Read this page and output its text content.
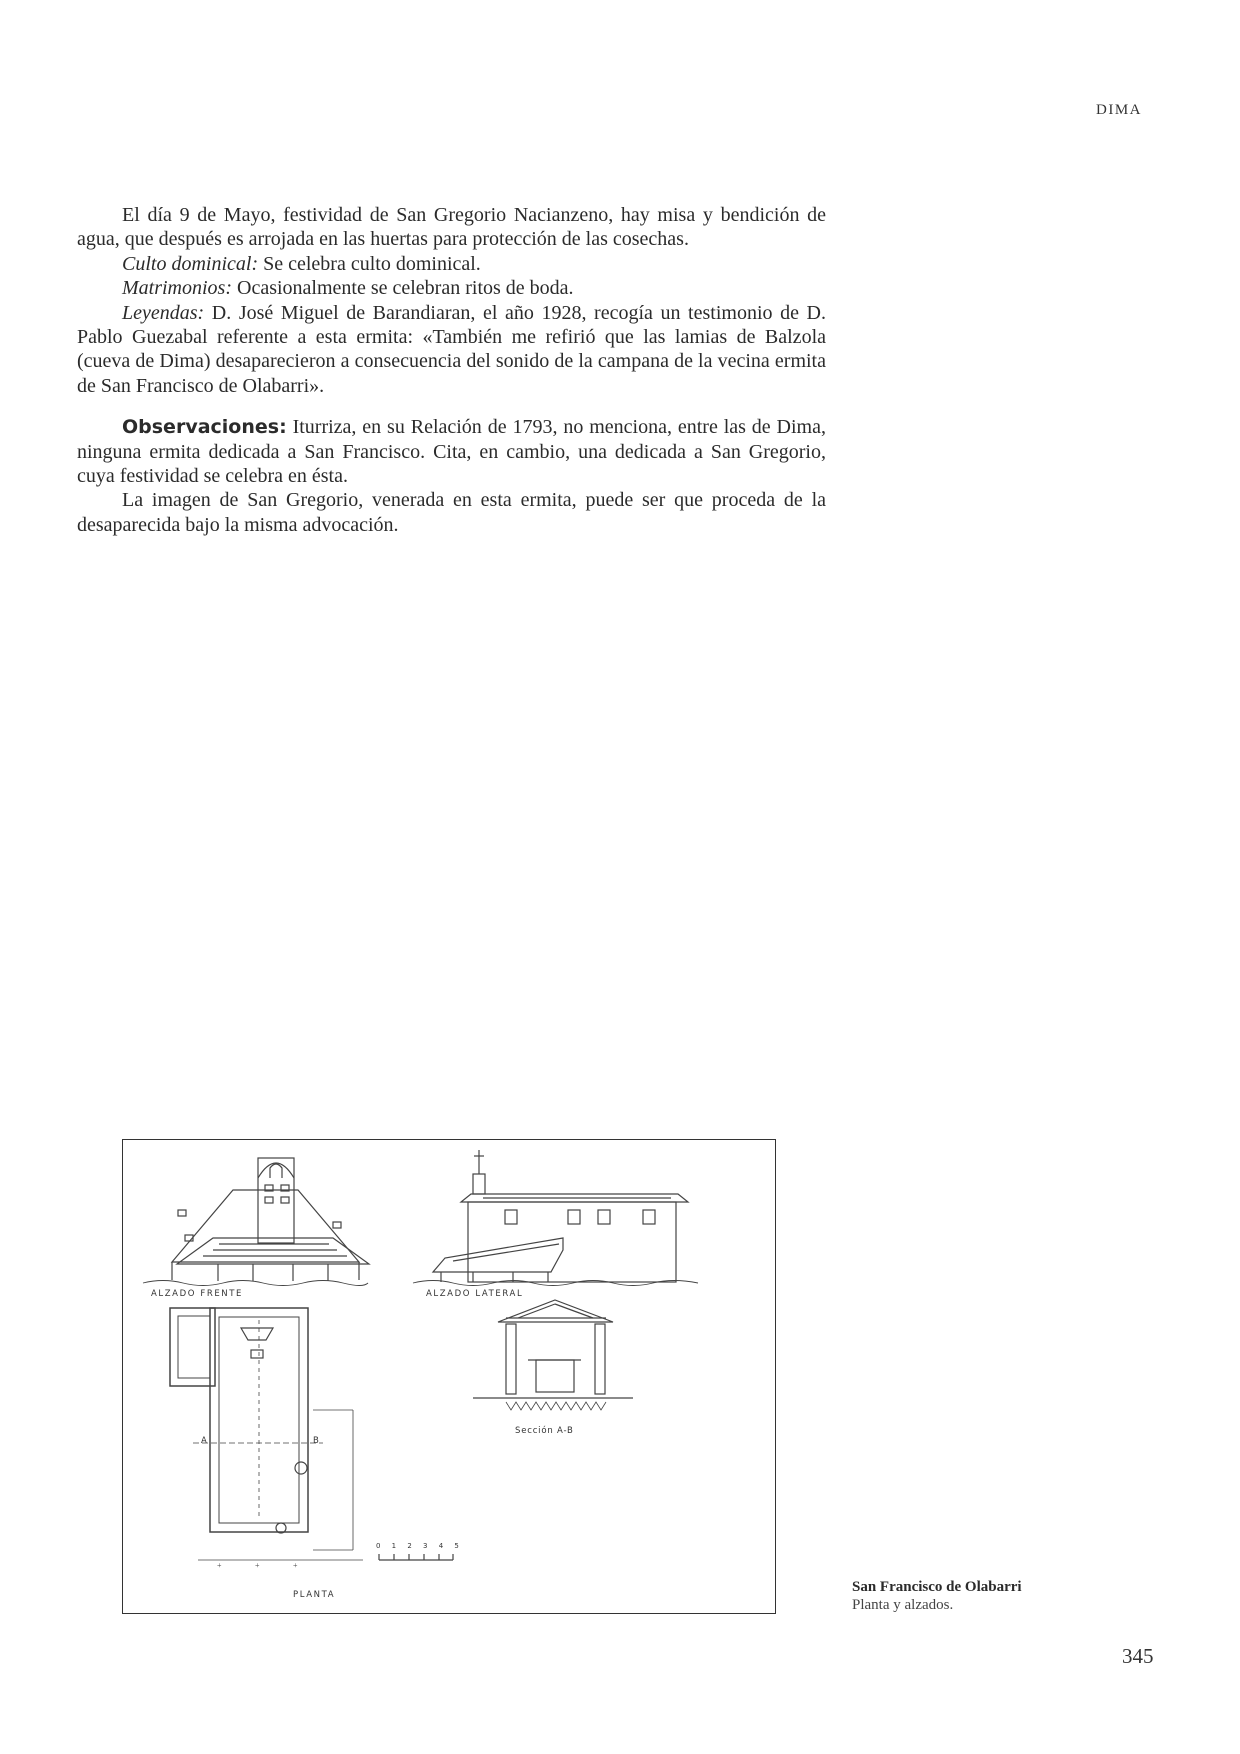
DIMA

El día 9 de Mayo, festividad de San Gregorio Nacianzeno, hay misa y bendición de agua, que después es arrojada en las huertas para protección de las cosechas.

Culto dominical: Se celebra culto dominical.

Matrimonios: Ocasionalmente se celebran ritos de boda.

Leyendas: D. José Miguel de Barandiaran, el año 1928, recogía un testimonio de D. Pablo Guezabal referente a esta ermita: «También me refirió que las lamias de Balzola (cueva de Dima) desaparecieron a consecuencia del sonido de la campana de la vecina ermita de San Francisco de Olabarri».

Observaciones: Iturriza, en su Relación de 1793, no menciona, entre las de Dima, ninguna ermita dedicada a San Francisco. Cita, en cambio, una dedicada a San Gregorio, cuya festividad se celebra en ésta.

La imagen de San Gregorio, venerada en esta ermita, puede ser que proceda de la desaparecida bajo la misma advocación.

+	+	+
ALZADO FRENTE	ALZADO LATERAL
PLANTA
Sección A-B
A	B
0 1 2 3 4 5
San Francisco de Olabarri
Planta y alzados.
345
